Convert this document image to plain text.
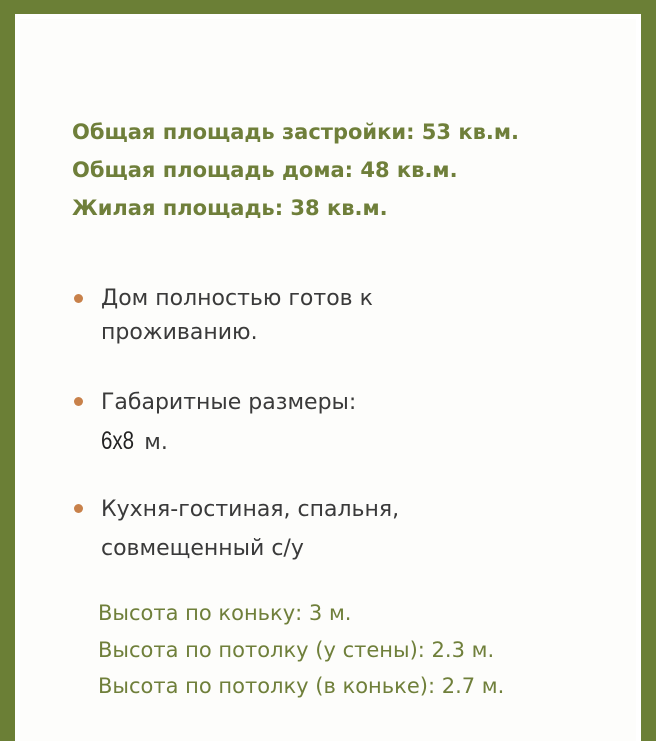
Общая площадь застройки: 53 кв.м.
Общая площадь дома: 48 кв.м.
Жилая площадь: 38 кв.м.
Дом полностью готов к
проживанию.
Габаритные размеры:
6х8 м.
Кухня-гостиная, спальня,
совмещенный с/у
Высота по коньку: 3 м.
Высота по потолку (у стены): 2.3 м.
Высота по потолку (в коньке): 2.7 м.
